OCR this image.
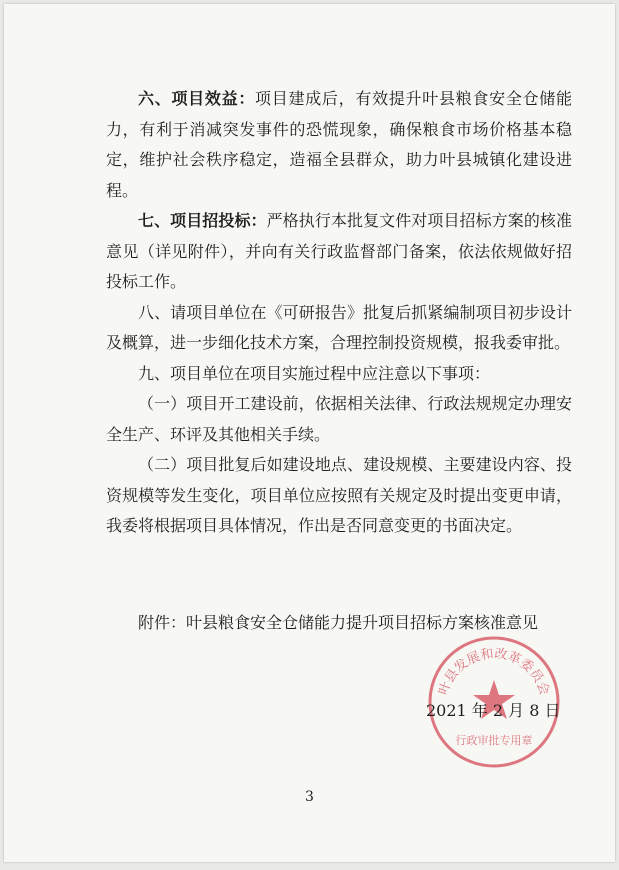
六、项目效益：项目建成后，有效提升叶县粮食安全仓储能力，有利于消减突发事件的恐慌现象，确保粮食市场价格基本稳定，维护社会秩序稳定，造福全县群众，助力叶县城镇化建设进程。

七、项目招投标：严格执行本批复文件对项目招标方案的核准意见（详见附件），并向有关行政监督部门备案，依法依规做好招投标工作。

八、请项目单位在《可研报告》批复后抓紧编制项目初步设计及概算，进一步细化技术方案，合理控制投资规模，报我委审批。

九、项目单位在项目实施过程中应注意以下事项：

（一）项目开工建设前，依据相关法律、行政法规规定办理安全生产、环评及其他相关手续。

（二）项目批复后如建设地点、建设规模、主要建设内容、投资规模等发生变化，项目单位应按照有关规定及时提出变更申请，我委将根据项目具体情况，作出是否同意变更的书面决定。

附件：叶县粮食安全仓储能力提升项目招标方案核准意见
叶县发展和改革委员会
行政审批专用章
2021 年 2 月 8 日
3
